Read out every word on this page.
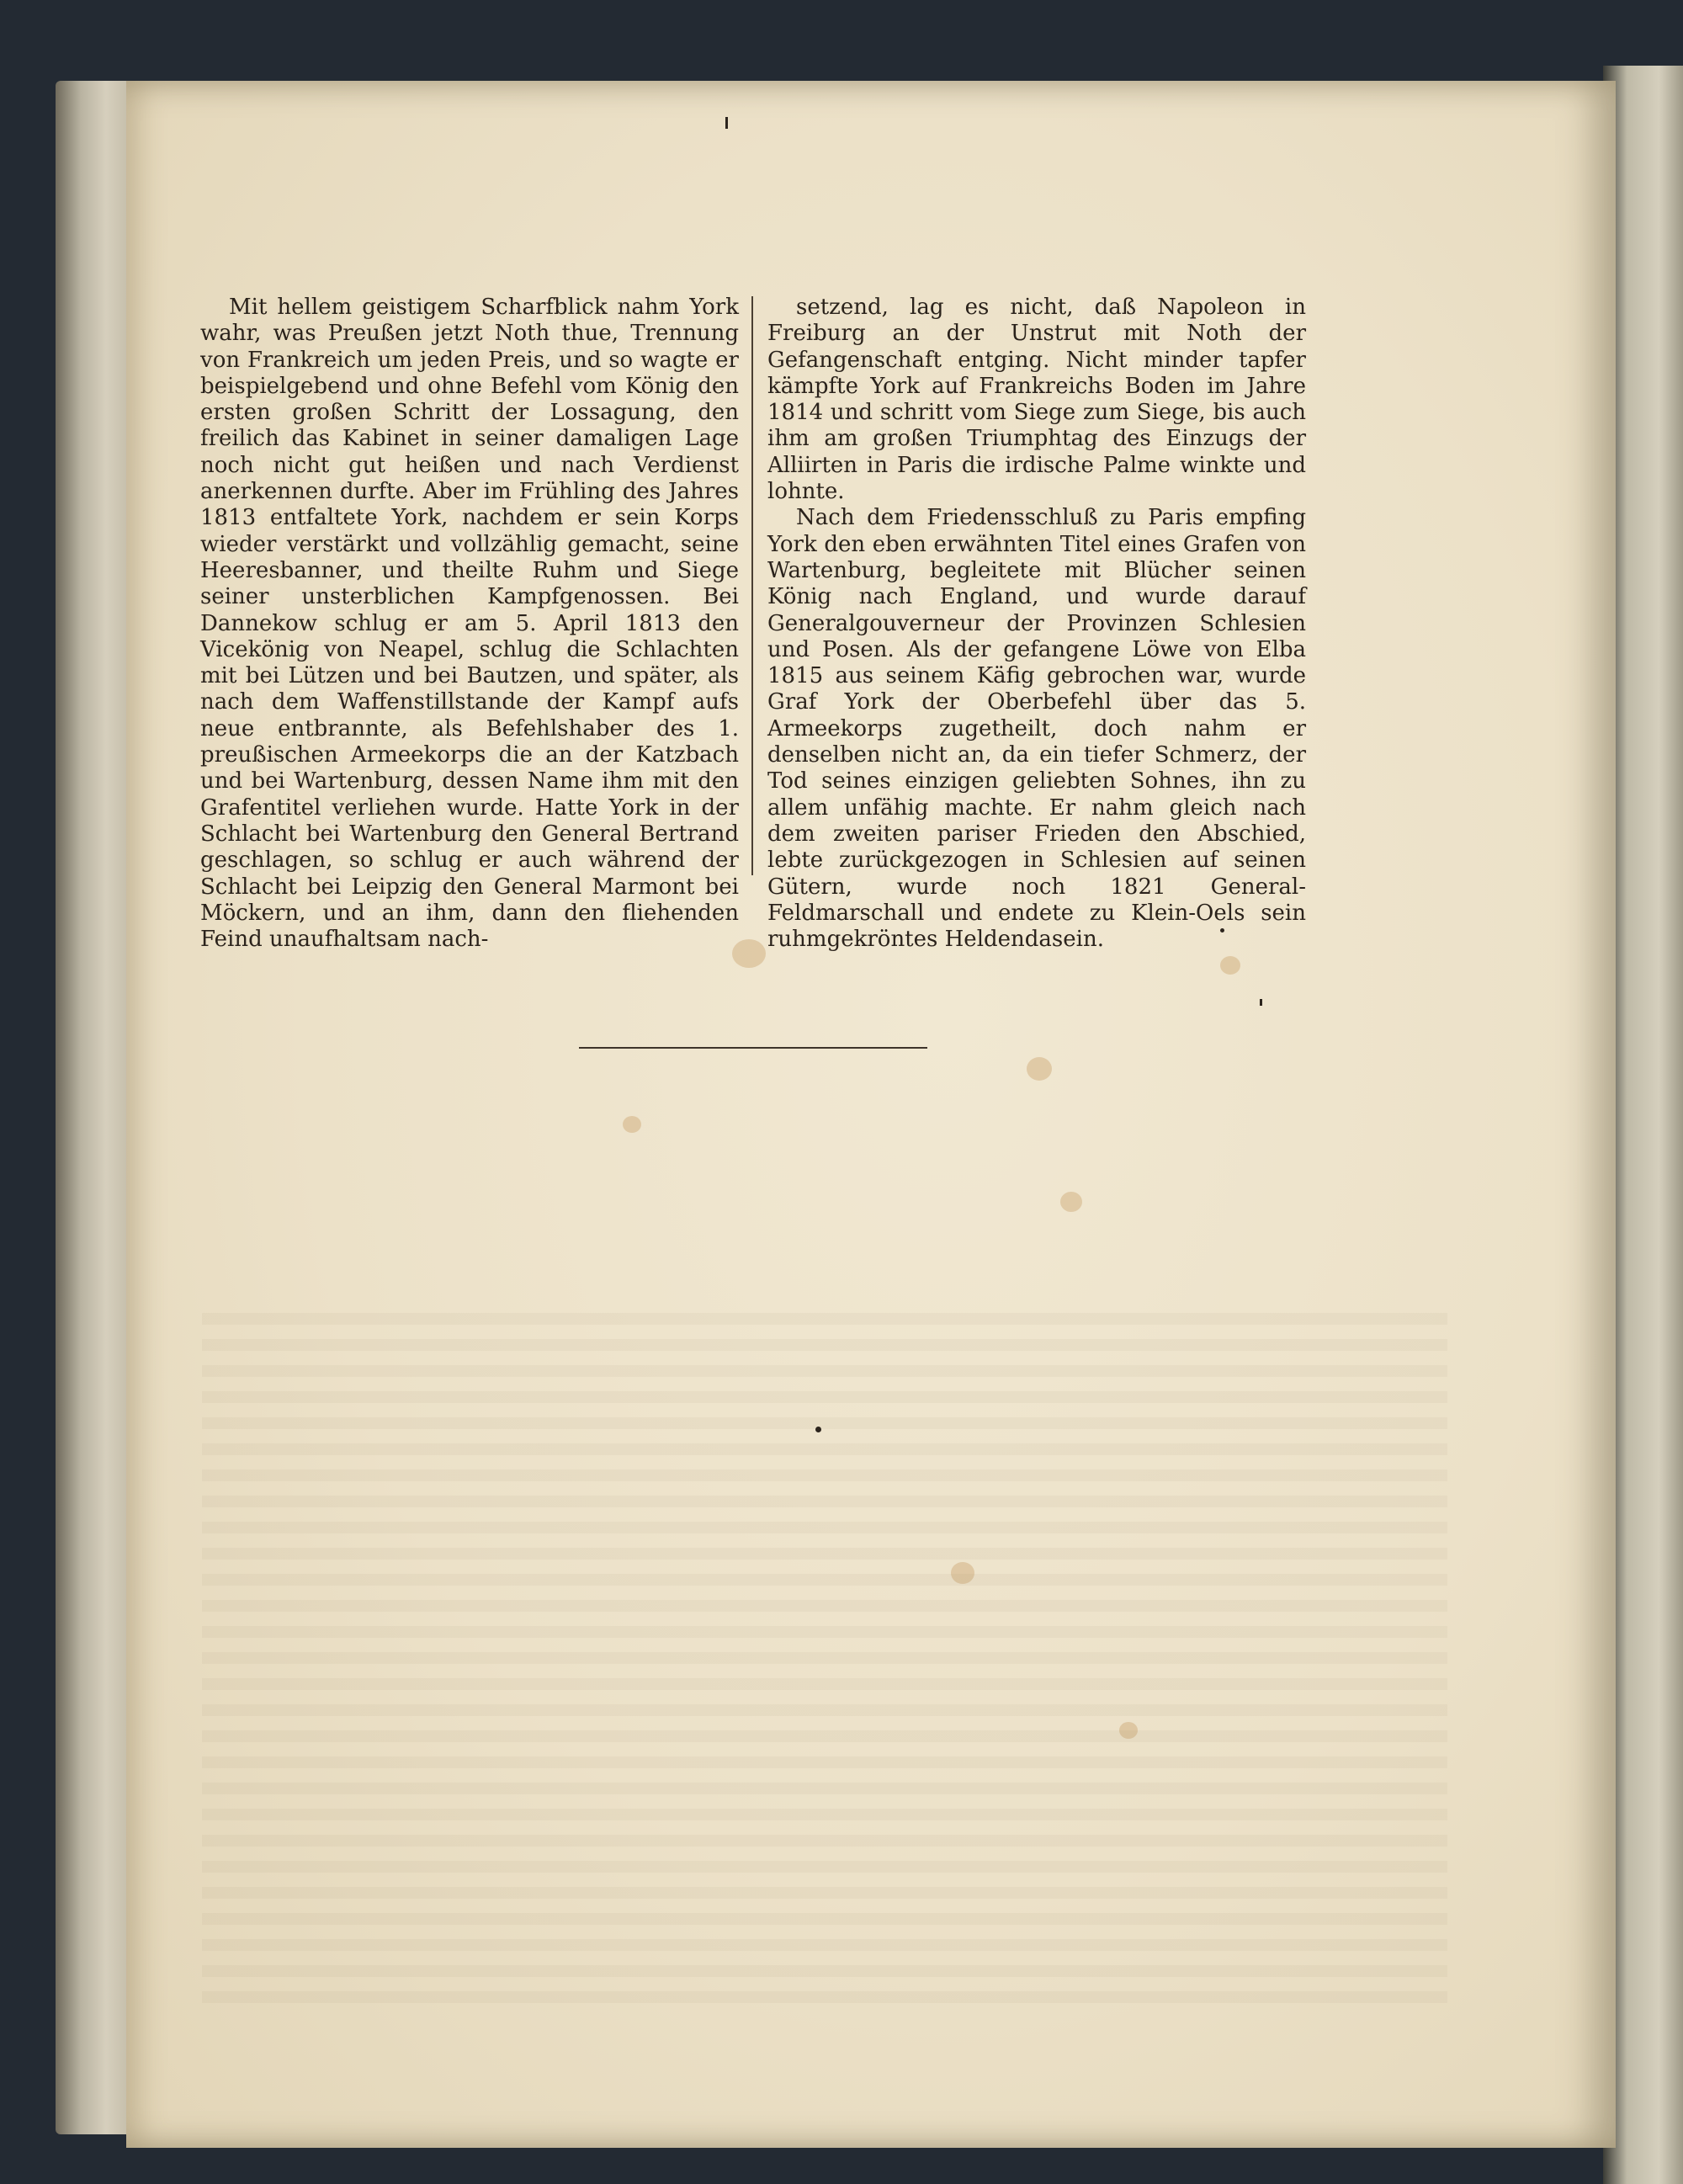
Mit hellem geistigem Scharfblick nahm York wahr, was Preußen jetzt Noth thue, Trennung von Frankreich um jeden Preis, und so wagte er beispielgebend und ohne Befehl vom König den ersten großen Schritt der Lossagung, den freilich das Kabinet in seiner damaligen Lage noch nicht gut heißen und nach Verdienst anerkennen durfte. Aber im Frühling des Jahres 1813 entfaltete York, nachdem er sein Korps wieder verstärkt und vollzählig gemacht, seine Heeresbanner, und theilte Ruhm und Siege seiner unsterblichen Kampfgenossen. Bei Dannekow schlug er am 5. April 1813 den Vicekönig von Neapel, schlug die Schlachten mit bei Lützen und bei Bautzen, und später, als nach dem Waffenstillstande der Kampf aufs neue entbrannte, als Befehlshaber des 1. preußischen Armeekorps die an der Katzbach und bei Wartenburg, dessen Name ihm mit den Grafentitel verliehen wurde. Hatte York in der Schlacht bei Wartenburg den General Bertrand geschlagen, so schlug er auch während der Schlacht bei Leipzig den General Marmont bei Möckern, und an ihm, dann den fliehenden Feind unaufhaltsam nach-

setzend, lag es nicht, daß Napoleon in Freiburg an der Unstrut mit Noth der Gefangenschaft entging. Nicht minder tapfer kämpfte York auf Frankreichs Boden im Jahre 1814 und schritt vom Siege zum Siege, bis auch ihm am großen Triumphtag des Einzugs der Alliirten in Paris die irdische Palme winkte und lohnte.

Nach dem Friedensschluß zu Paris empfing York den eben erwähnten Titel eines Grafen von Wartenburg, begleitete mit Blücher seinen König nach England, und wurde darauf Generalgouverneur der Provinzen Schlesien und Posen. Als der gefangene Löwe von Elba 1815 aus seinem Käfig gebrochen war, wurde Graf York der Oberbefehl über das 5. Armeekorps zugetheilt, doch nahm er denselben nicht an, da ein tiefer Schmerz, der Tod seines einzigen geliebten Sohnes, ihn zu allem unfähig machte. Er nahm gleich nach dem zweiten pariser Frieden den Abschied, lebte zurückgezogen in Schlesien auf seinen Gütern, wurde noch 1821 General-Feldmarschall und endete zu Klein-Oels sein ruhmgekröntes Heldendasein.
